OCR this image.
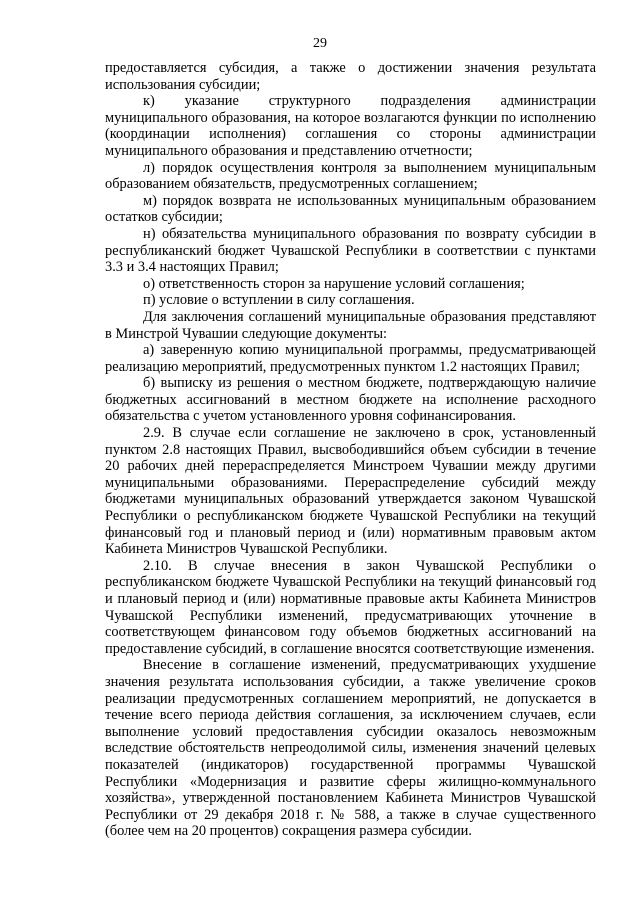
29

предоставляется субсидия, а также о достижении значения результата использования субсидии;

к) указание структурного подразделения администрации муниципального образования, на которое возлагаются функции по исполнению (координации исполнения) соглашения со стороны администрации муниципального образования и представлению отчетности;

л) порядок осуществления контроля за выполнением муниципальным образованием обязательств, предусмотренных соглашением;

м) порядок возврата не использованных муниципальным образованием остатков субсидии;

н) обязательства муниципального образования по возврату субсидии в республиканский бюджет Чувашской Республики в соответствии с пунктами 3.3 и 3.4 настоящих Правил;

о) ответственность сторон за нарушение условий соглашения;

п) условие о вступлении в силу соглашения.

Для заключения соглашений муниципальные образования представляют в Минстрой Чувашии следующие документы:

а) заверенную копию муниципальной программы, предусматривающей реализацию мероприятий, предусмотренных пунктом 1.2 настоящих Правил;

б) выписку из решения о местном бюджете, подтверждающую наличие бюджетных ассигнований в местном бюджете на исполнение расходного обязательства с учетом установленного уровня софинансирования.

2.9. В случае если соглашение не заключено в срок, установленный пунктом 2.8 настоящих Правил, высвободившийся объем субсидии в течение 20 рабочих дней перераспределяется Минстроем Чувашии между другими муниципальными образованиями. Перераспределение субсидий между бюджетами муниципальных образований утверждается законом Чувашской Республики о республиканском бюджете Чувашской Республики на текущий финансовый год и плановый период и (или) нормативным правовым актом Кабинета Министров Чувашской Республики.

2.10. В случае внесения в закон Чувашской Республики о республиканском бюджете Чувашской Республики на текущий финансовый год и плановый период и (или) нормативные правовые акты Кабинета Министров Чувашской Республики изменений, предусматривающих уточнение в соответствующем финансовом году объемов бюджетных ассигнований на предоставление субсидий, в соглашение вносятся соответствующие изменения.

Внесение в соглашение изменений, предусматривающих ухудшение значения результата использования субсидии, а также увеличение сроков реализации предусмотренных соглашением мероприятий, не допускается в течение всего периода действия соглашения, за исключением случаев, если выполнение условий предоставления субсидии оказалось невозможным вследствие обстоятельств непреодолимой силы, изменения значений целевых показателей (индикаторов) государственной программы Чувашской Республики «Модернизация и развитие сферы жилищно-коммунального хозяйства», утвержденной постановлением Кабинета Министров Чувашской Республики от 29 декабря 2018 г. № 588, а также в случае существенного (более чем на 20 процентов) сокращения размера субсидии.
